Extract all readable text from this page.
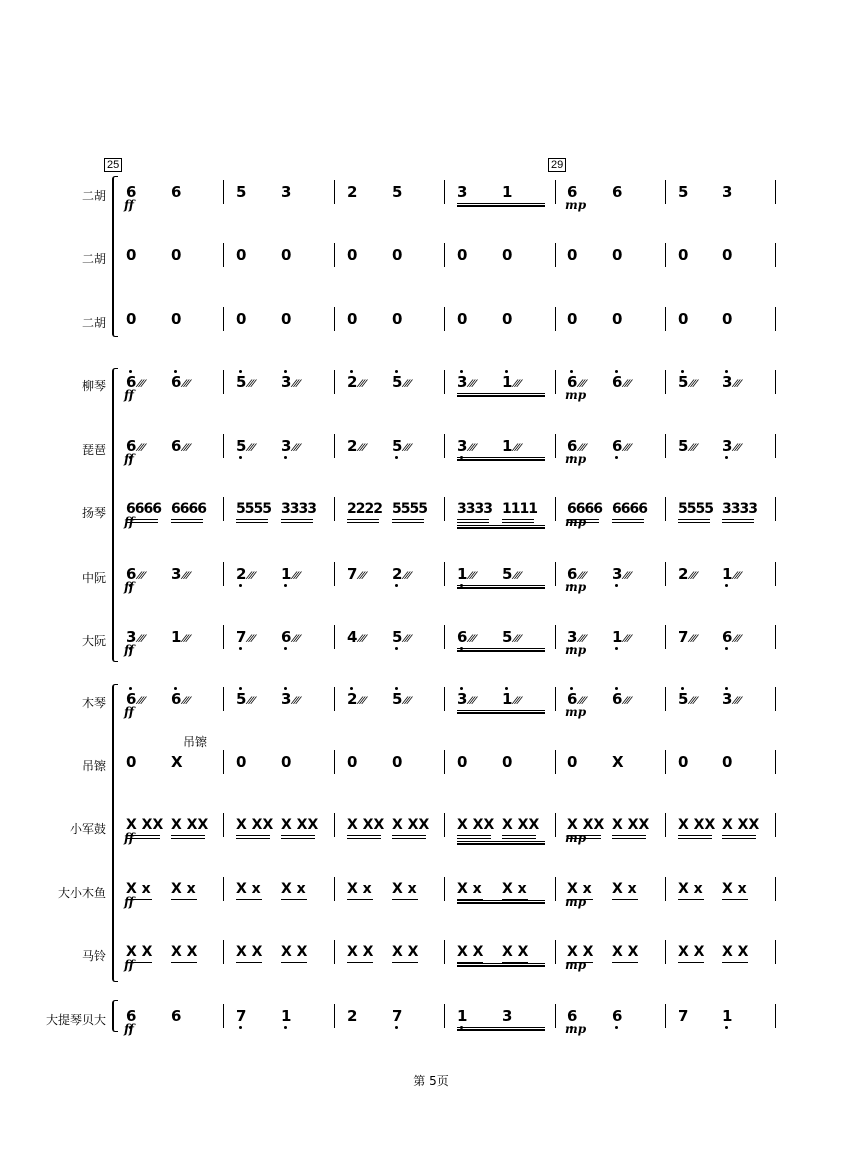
二胡 6 6	5 3	2 5	3 1	6 6	5 3
ff	mp
二胡 0 0	0 0	0 0	0 0	0 0	0 0
二胡 0 0	0 0	0 0	0 0	0 0	0 0
柳琴 6
/// 6
///	5
/// 3
///	2
/// 5
///	3
/// 1
///	6
/// 6
///	5
/// 3
///
ff	mp
琵琶 6
/// 6
///	5
/// 3
///	2
/// 5
///	3
/// 1
///	6
/// 6
///	5
/// 3
///
ff	mp
扬琴 6666 6666 5555 3333 2222 5555 3333 1111 6666 6666 5555 3333
ff	mp
中阮 6
/// 3
///	2
/// 1
///	7
/// 2
///	1
/// 5
///	6
/// 3
///	2
/// 1
///
ff	mp
大阮 3
/// 1
///	7
/// 6
///	4
/// 5
///	6
/// 5
///	3
/// 1
///	7
/// 6
///
ff	mp
木琴 6
/// 6
///	5
/// 3
///	2
/// 5
///	3
/// 1
///	6
/// 6
///	5
/// 3
///
ff	mp
吊镲 0 X	0 0	0 0	0 0	0 X	0 0
小军鼓 X XX X XX X XX X XX X XX X XX X XX X XX X XX X XX X XX X XX
ff	mp
大小木鱼 X x X x	X x X x	X x X x	X x X x	X x X x	X x X x
ff	mp
马铃 X X X X	X X X X	X X X X	X X X X	X X X X	X X X X
ff	mp
大提琴贝大 6 6	7 1	2 7	1 3	6 6	7 1
ff	mp
25	29
吊镲
第 5页
